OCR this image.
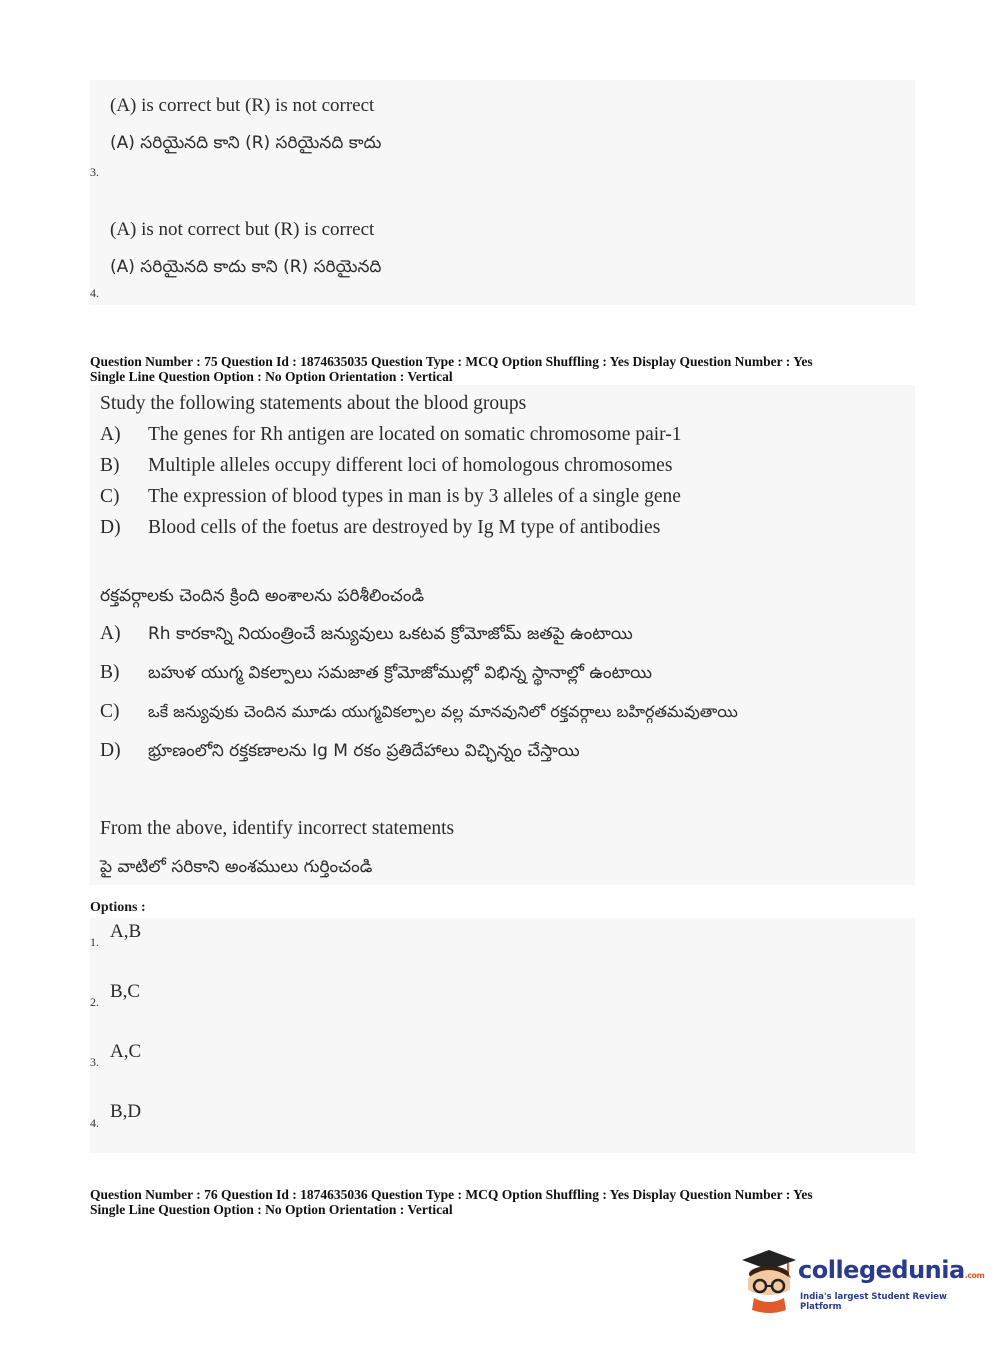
(A) is correct but (R) is not correct
(A) సరియైనది కాని (R) సరియైనది కాదు
3.
(A) is not correct but (R) is correct
(A) సరియైనది కాదు కాని (R) సరియైనది
4.
Question Number : 75 Question Id : 1874635035 Question Type : MCQ Option Shuffling : Yes Display Question Number : Yes
Single Line Question Option : No Option Orientation : Vertical
Study the following statements about the blood groups
A) The genes for Rh antigen are located on somatic chromosome pair-1
B) Multiple alleles occupy different loci of homologous chromosomes
C) The expression of blood types in man is by 3 alleles of a single gene
D) Blood cells of the foetus are destroyed by Ig M type of antibodies
రక్తవర్గాలకు చెందిన క్రింది అంశాలను పరిశీలించండి
A) Rh కారకాన్ని నియంత్రించే జన్యువులు ఒకటవ క్రోమోజోమ్ జతపై ఉంటాయి
B) బహుళ యుగ్మ వికల్పాలు సమజాత క్రోమోజోముల్లో విభిన్న స్థానాల్లో ఉంటాయి
C) ఒకే జన్యువుకు చెందిన మూడు యుగ్మవికల్పాల వల్ల మానవునిలో రక్తవర్గాలు బహిర్గతమవుతాయి
D) భ్రూణంలోని రక్తకణాలను Ig M రకం ప్రతిదేహాలు విచ్ఛిన్నం చేస్తాయి
From the above, identify incorrect statements
పై వాటిలో సరికాని అంశములు గుర్తించండి
Options :
1. A,B
2. B,C
3. A,C
4.
B,D
Question Number : 76 Question Id : 1874635036 Question Type : MCQ Option Shuffling : Yes Display Question Number : Yes
Single Line Question Option : No Option Orientation : Vertical
collegedunia.com
India's largest Student Review Platform
